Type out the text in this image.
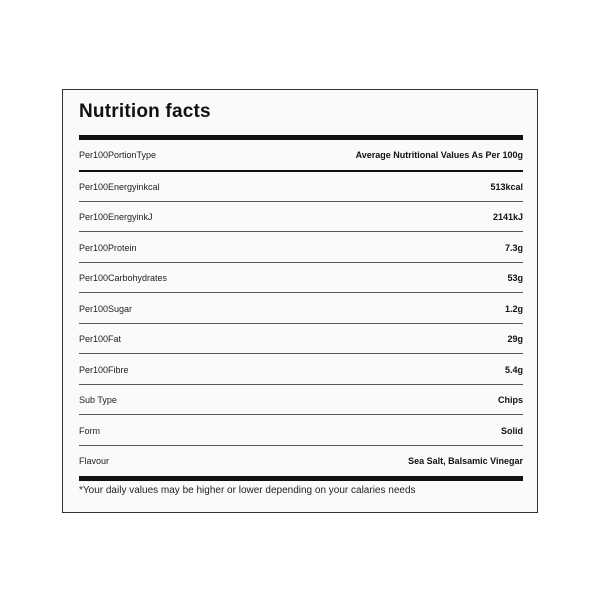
Nutrition facts
Per100PortionType	Average Nutritional Values As Per 100g
Per100Energyinkcal	513kcal
Per100EnergyinkJ	2141kJ
Per100Protein	7.3g
Per100Carbohydrates	53g
Per100Sugar	1.2g
Per100Fat	29g
Per100Fibre	5.4g
Sub Type	Chips
Form	Solid
Flavour	Sea Salt, Balsamic Vinegar
*Your daily values may be higher or lower depending on your calaries needs
